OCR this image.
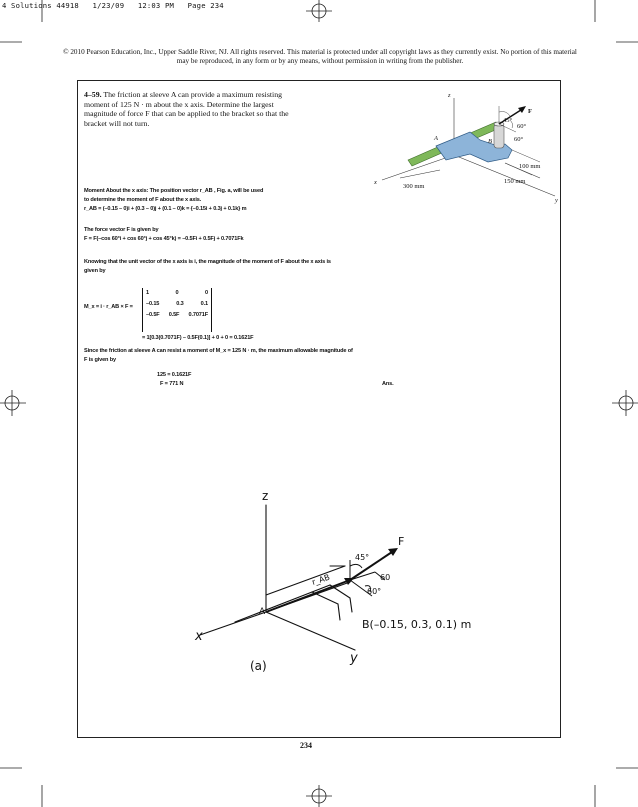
4 Solutions 44918   1/23/09   12:03 PM   Page 234
© 2010 Pearson Education, Inc., Upper Saddle River, NJ. All rights reserved. This material is protected under all copyright laws as they currently exist. No portion of this material may be reproduced, in any form or by any means, without permission in writing from the publisher.
4–59. The friction at sleeve A can provide a maximum resisting moment of 125 N · m about the x axis. Determine the largest magnitude of force F that can be applied to the bracket so that the bracket will not turn.
z
F
45°
60°
60°
A	B
100 mm
150 mm
300 mm
x
y
Moment About the x axis: The position vector r_AB , Fig. a, will be used
to determine the moment of F about the x axis.
r_AB = (–0.15 – 0)i + (0.3 – 0)j + (0.1 – 0)k = {–0.15i + 0.3j + 0.1k} m
The force vector F is given by
F = F(–cos 60°i + cos 60°j + cos 45°k) = –0.5Fi + 0.5Fj + 0.7071Fk
Knowing that the unit vector of the x axis is i, the magnitude of the moment of F about the x axis is
given by
M_x = i · r_AB × F =
1	0	0
–0.15	0.3	0.1
–0.5F 0.5F 0.7071F
= 1[0.3(0.7071F) – 0.5F(0.1)] + 0 + 0 = 0.1621F
Since the friction at sleeve A can resist a moment of M_x = 125 N · m, the maximum allowable magnitude of
F is given by
125 = 0.1621F
F = 771 N	Ans.
z
x
y
A
F
r_AB
45°
60
60°
B(–0.15, 0.3, 0.1) m
(a)
234
